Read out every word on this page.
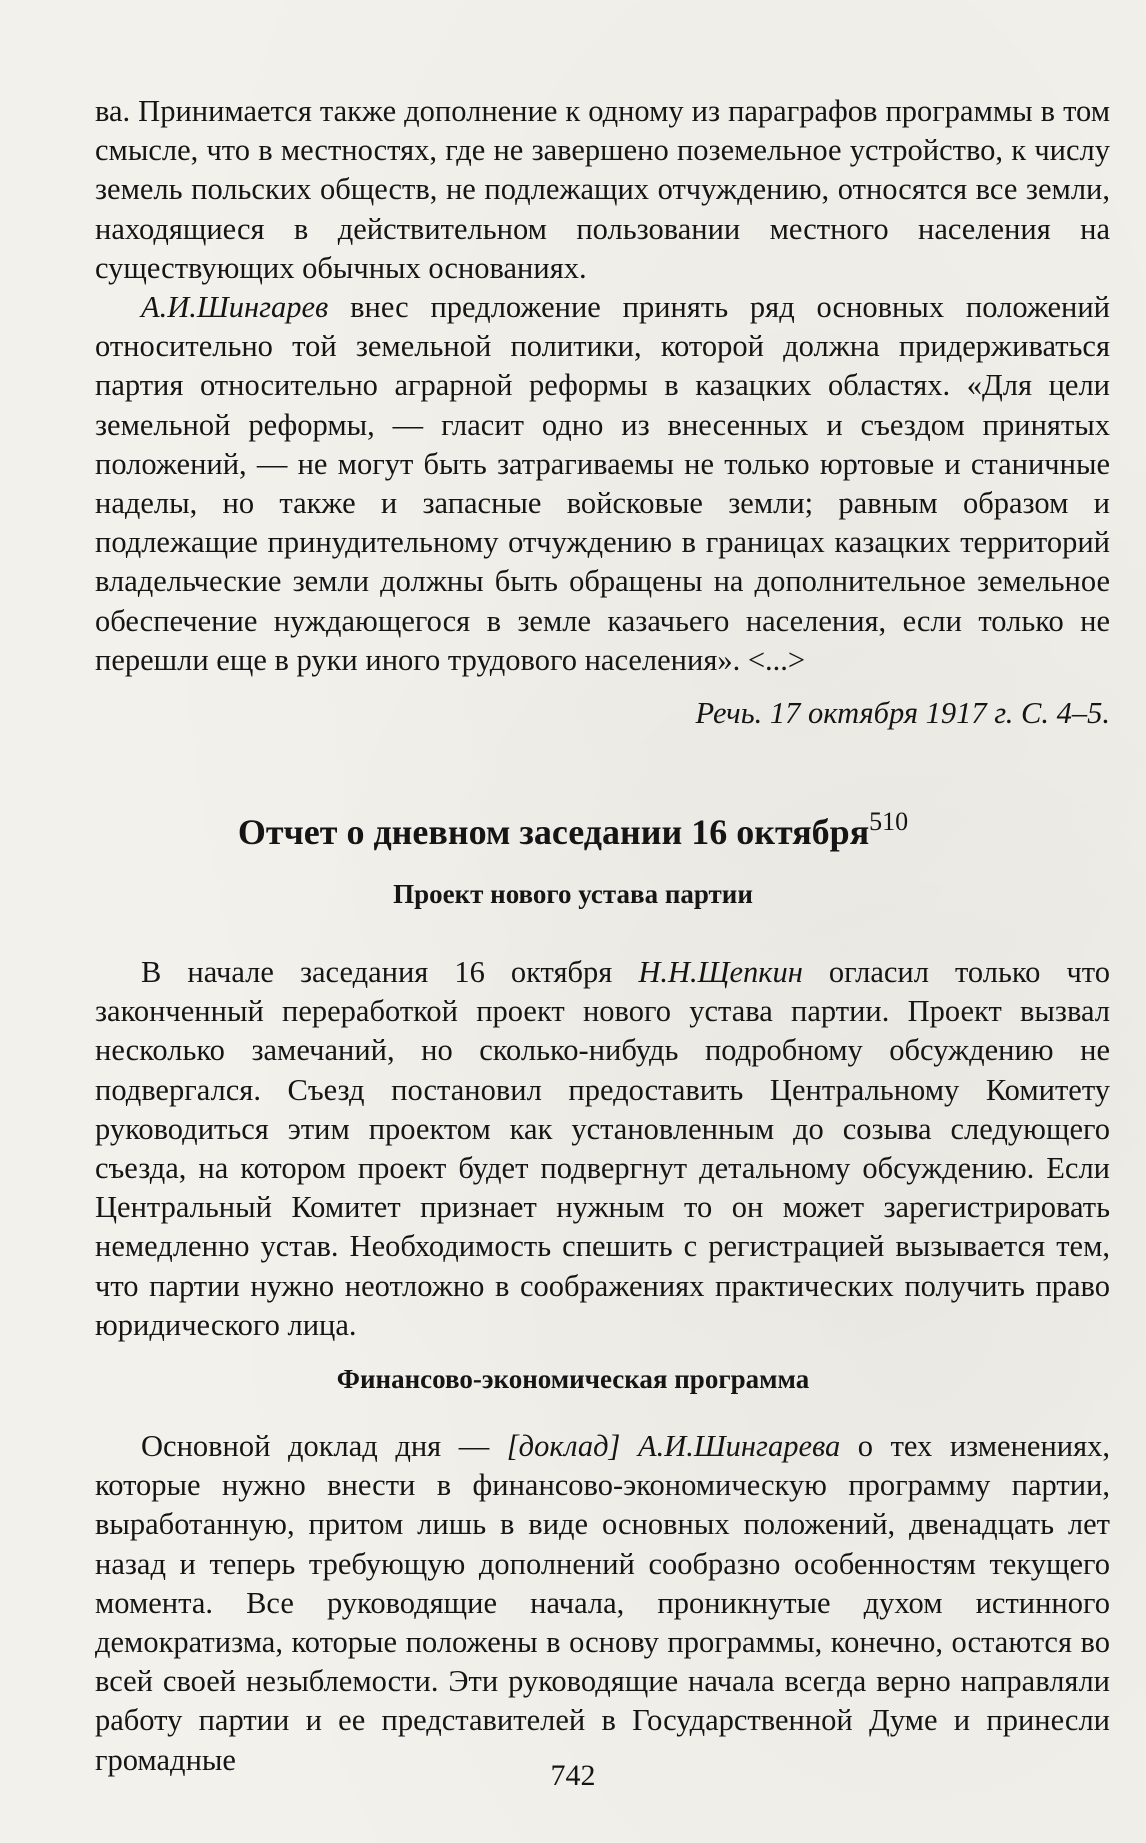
ва. Принимается также дополнение к одному из параграфов программы в том смысле, что в местностях, где не завершено поземельное устройство, к числу земель польских обществ, не подлежащих отчуждению, относятся все земли, находящиеся в действительном пользовании местного населения на существующих обычных основаниях.

А.И.Шингарев внес предложение принять ряд основных положений относительно той земельной политики, которой должна придерживаться партия относительно аграрной реформы в казацких областях. «Для цели земельной реформы, — гласит одно из внесенных и съездом принятых положений, — не могут быть затрагиваемы не только юртовые и станичные наделы, но также и запасные войсковые земли; равным образом и подлежащие принудительному отчуждению в границах казацких территорий владельческие земли должны быть обращены на дополнительное земельное обеспечение нуждающегося в земле казачьего населения, если только не перешли еще в руки иного трудового населения». <...>

Речь. 17 октября 1917 г. С. 4–5.
Отчет о дневном заседании 16 октября$^{510}$
Проект нового устава партии

В начале заседания 16 октября Н.Н.Щепкин огласил только что законченный переработкой проект нового устава партии. Проект вызвал несколько замечаний, но сколько-нибудь подробному обсуждению не подвергался. Съезд постановил предоставить Центральному Комитету руководиться этим проектом как установленным до созыва следующего съезда, на котором проект будет подвергнут детальному обсуждению. Если Центральный Комитет признает нужным то он может зарегистрировать немедленно устав. Необходимость спешить с регистрацией вызывается тем, что партии нужно неотложно в соображениях практических получить право юридического лица.

Финансово-экономическая программа

Основной доклад дня — [доклад] А.И.Шингарева о тех изменениях, которые нужно внести в финансово-экономическую программу партии, выработанную, притом лишь в виде основных положений, двенадцать лет назад и теперь требующую дополнений сообразно особенностям текущего момента. Все руководящие начала, проникнутые духом истинного демократизма, которые положены в основу программы, конечно, остаются во всей своей незыблемости. Эти руководящие начала всегда верно направляли работу партии и ее представителей в Государственной Думе и принесли громадные	742
